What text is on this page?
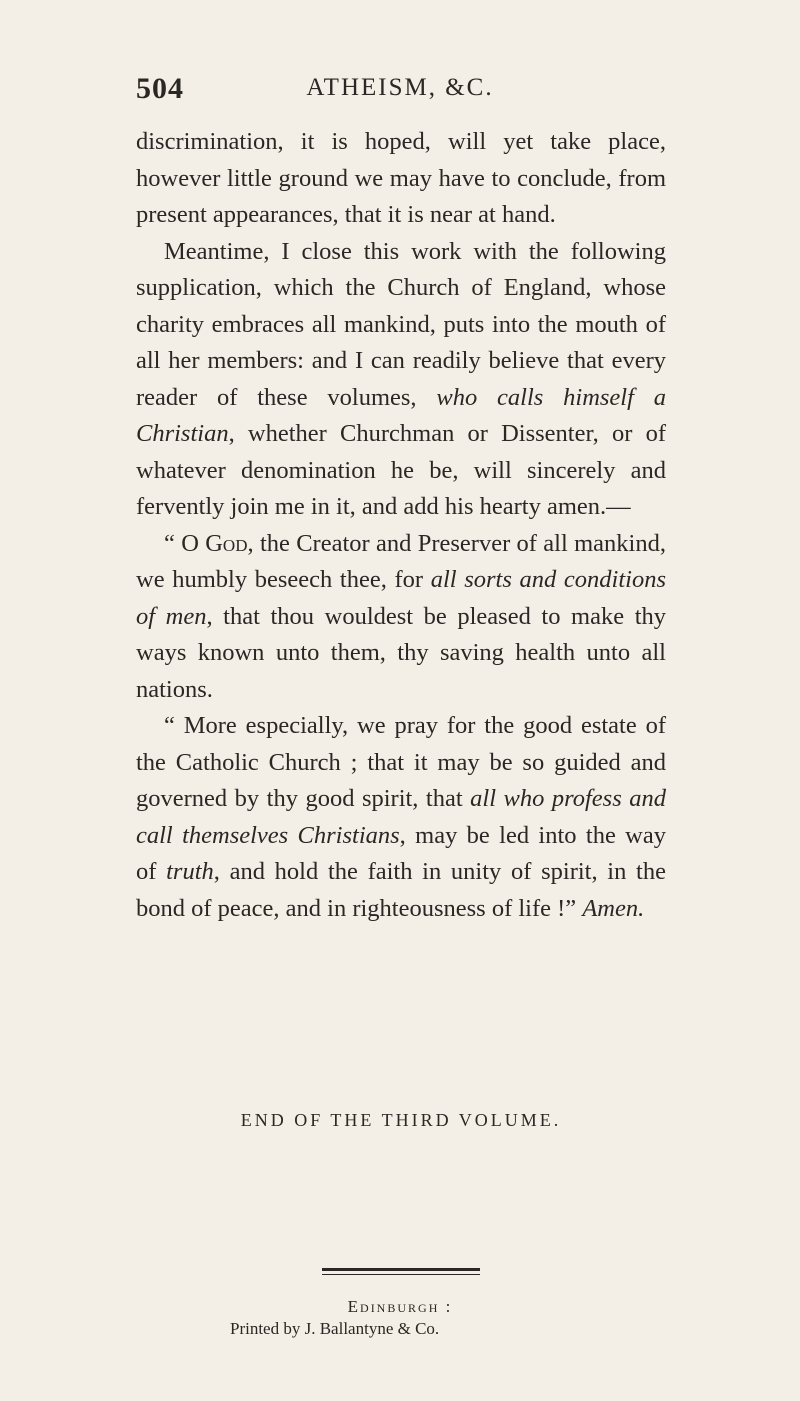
504	ATHEISM, &C.

discrimination, it is hoped, will yet take place, however little ground we may have to conclude, from present appearances, that it is near at hand.

Meantime, I close this work with the following supplication, which the Church of England, whose charity embraces all mankind, puts into the mouth of all her members: and I can readily believe that every reader of these volumes, who calls himself a Christian, whether Churchman or Dissenter, or of whatever denomination he be, will sincerely and fervently join me in it, and add his hearty amen.—

“ O God, the Creator and Preserver of all mankind, we humbly beseech thee, for all sorts and conditions of men, that thou wouldest be pleased to make thy ways known unto them, thy saving health unto all nations.

“ More especially, we pray for the good estate of the Catholic Church ; that it may be so guided and governed by thy good spirit, that all who profess and call themselves Christians, may be led into the way of truth, and hold the faith in unity of spirit, in the bond of peace, and in righteousness of life !” Amen.

END OF THE THIRD VOLUME.
Edinburgh :
Printed by J. Ballantyne & Co.
